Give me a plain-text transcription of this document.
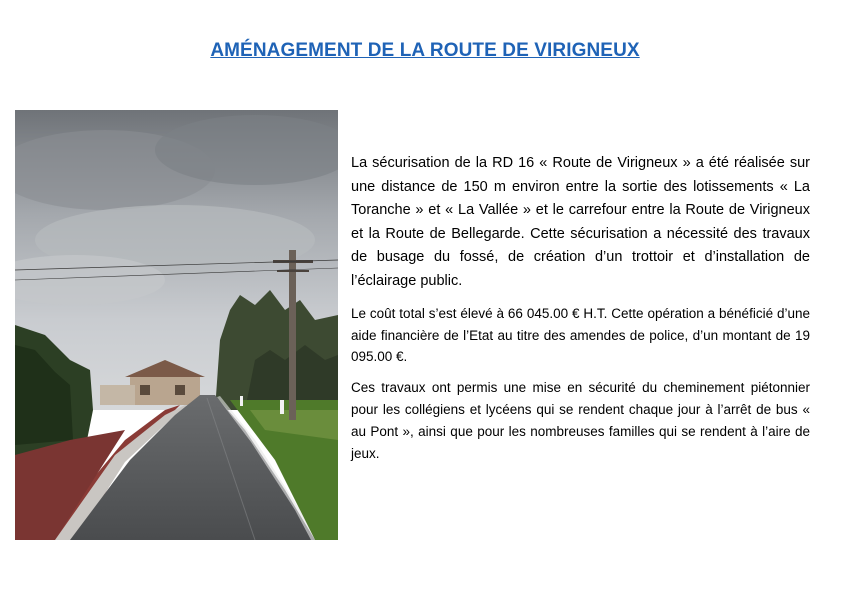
AMÉNAGEMENT DE LA ROUTE DE VIRIGNEUX

La sécurisation de la RD 16 « Route de Virigneux » a été réalisée sur une distance de 150 m environ entre la sortie des lotissements « La Toranche » et « La Vallée » et le carrefour entre la Route de Virigneux et la Route de Bellegarde. Cette sécurisation a nécessité des travaux de busage du fossé, de création d’un trottoir et d’installation de l’éclairage public.

Le coût total s’est élevé à 66 045.00 € H.T. Cette opération a bénéficié d’une aide financière de l’Etat au titre des amendes de police, d’un montant de 19 095.00 €.

Ces travaux ont permis une mise en sécurité du cheminement piétonnier pour les collégiens et lycéens qui se rendent chaque jour à l’arrêt de bus « au Pont », ainsi que pour les nombreuses familles qui se rendent à l’aire de jeux.
